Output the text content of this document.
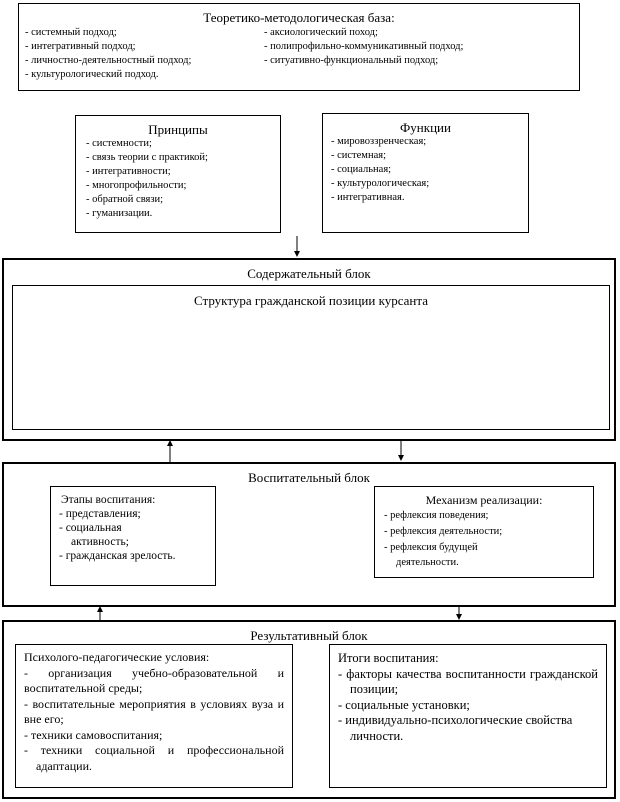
Теоретико-методологическая база:
- системный подход;
- интегративный подход;
- личностно-деятельностный подход;
- культурологический подход.
- аксиологический поход;
- полипрофильно-коммуникативный подход;
- ситуативно-функциональный подход;
Принципы
- системности;
- связь теории с практикой;
- интегративности;
- многопрофильности;
- обратной связи;
- гуманизации.
Функции
- мировоззренческая;
- системная;
- социальная;
- культурологическая;
- интегративная.
Содержательный блок
Структура гражданской позиции курсанта
Воспитательный блок
Этапы воспитания:
- представления;
- социальная
активность;
- гражданская зрелость.
Механизм реализации:
- рефлексия поведения;
- рефлексия деятельности;
- рефлексия будущей
деятельности.
Результативный блок
Психолого-педагогические условия:
- организация учебно-образовательной и воспитательной среды;
- воспитательные мероприятия в условиях вуза и вне его;
- техники самовоспитания;
- техники социальной и профессиональной адаптации.
Итоги воспитания:
- факторы качества воспитанности гражданской позиции;
- социальные установки;
- индивидуально-психологические свойства личности.
